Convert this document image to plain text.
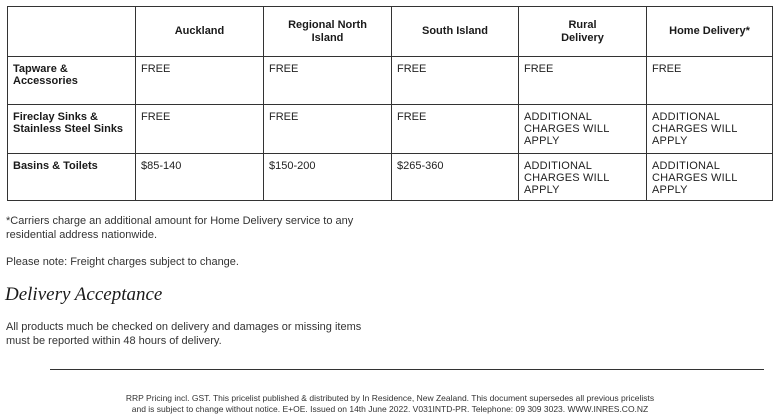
	Auckland	Regional North Island	South Island	Rural Delivery	Home Delivery*
Tapware & Accessories	FREE	FREE	FREE	FREE	FREE
Fireclay Sinks & Stainless Steel Sinks	FREE	FREE	FREE	ADDITIONAL CHARGES WILL APPLY	ADDITIONAL CHARGES WILL APPLY
Basins & Toilets	$85-140	$150-200	$265-360	ADDITIONAL CHARGES WILL APPLY	ADDITIONAL CHARGES WILL APPLY
*Carriers charge an additional amount for Home Delivery service to any residential address nationwide.
Please note: Freight charges subject to change.
Delivery Acceptance
All products much be checked on delivery and damages or missing items must be reported within 48 hours of delivery.
RRP Pricing incl. GST. This pricelist published & distributed by In Residence, New Zealand. This document supersedes all previous pricelists
and is subject to change without notice. E+OE. Issued on 14th June 2022. V031INTD-PR. Telephone: 09 309 3023. WWW.INRES.CO.NZ
